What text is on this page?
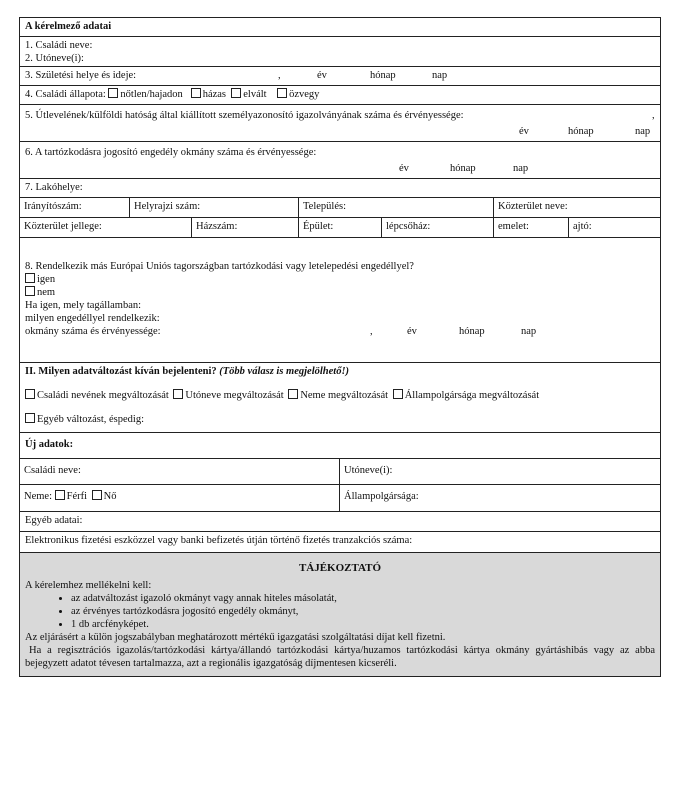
A kérelmező adatai
1. Családi neve:
2. Utóneve(i):
3. Születési helye és ideje:	,	év	hónap	nap
4. Családi állapota: nőtlen/hajadon házas elvált özvegy
5. Útlevelének/külföldi hatóság által kiállított személyazonosító igazolványának száma és érvényessége:	,
év	hónap	nap
6. A tartózkodásra jogosító engedély okmány száma és érvényessége:
év	hónap	nap
7. Lakóhelye:
Irányítószám:	Helyrajzi szám:	Település:	Közterület neve:
Közterület jellege:	Házszám:	Épület:	lépcsőház:	emelet:	ajtó:
8. Rendelkezik más Európai Uniós tagországban tartózkodási vagy letelepedési engedéllyel?
igen
nem
Ha igen, mely tagállamban:
milyen engedéllyel rendelkezik:
okmány száma és érvényessége:	,	év	hónap	nap
II. Milyen adatváltozást kíván bejelenteni? (Több válasz is megjelölhető!)
Családi nevének megváltozását Utóneve megváltozását Neme megváltozását Állampolgársága megváltozását
Egyéb változást, éspedig:
Új adatok:
Családi neve:	Utóneve(i):
Neme: Férfi Nő	Állampolgársága:
Egyéb adatai:
Elektronikus fizetési eszközzel vagy banki befizetés útján történő fizetés tranzakciós száma:
TÁJÉKOZTATÓ
A kérelemhez mellékelni kell:
• az adatváltozást igazoló okmányt vagy annak hiteles másolatát,
• az érvényes tartózkodásra jogosító engedély okmányt,
• 1 db arcfényképet.
Az eljárásért a külön jogszabályban meghatározott mértékű igazgatási szolgáltatási díjat kell fizetni.
Ha a regisztrációs igazolás/tartózkodási kártya/állandó tartózkodási kártya/huzamos tartózkodási kártya okmány gyártáshibás vagy az abba bejegyzett adatot tévesen tartalmazza, azt a regionális igazgatóság díjmentesen kicseréli.
